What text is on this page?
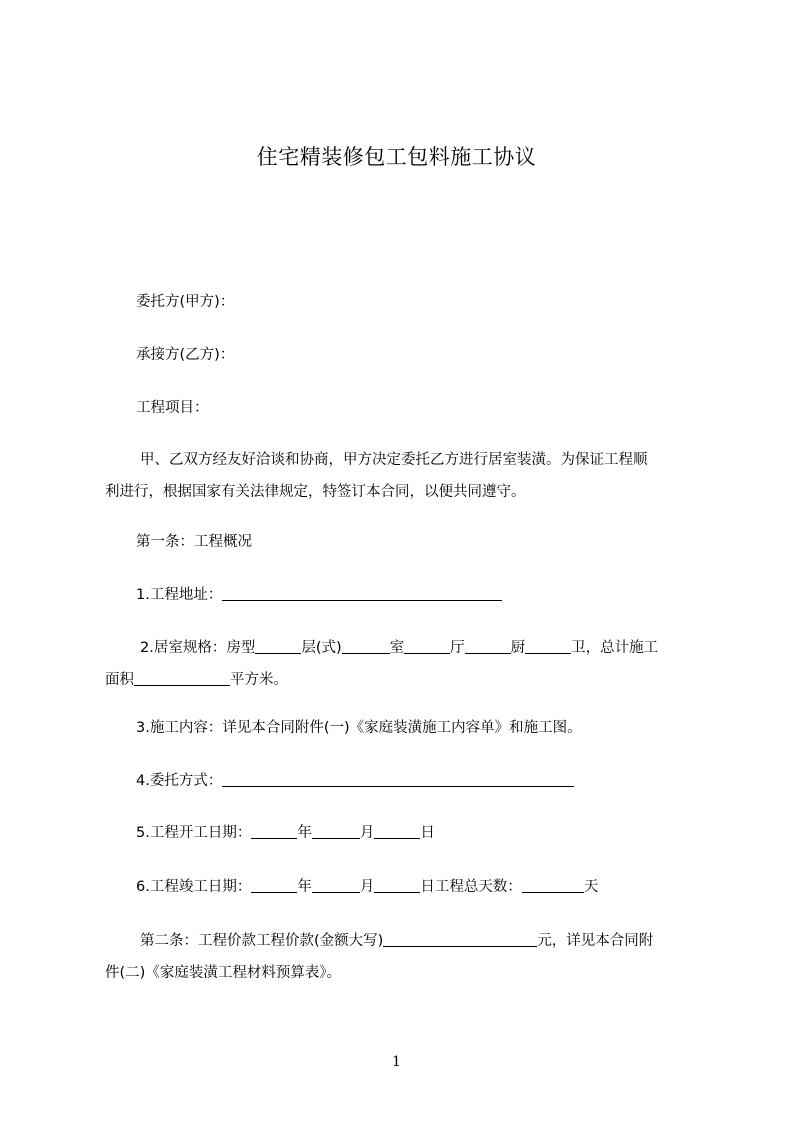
住宅精装修包工包料施工协议
委托方(甲方)：
承接方(乙方)：
工程项目：
甲、乙双方经友好洽谈和协商，甲方决定委托乙方进行居室装潢。为保证工程顺
利进行，根据国家有关法律规定，特签订本合同，以便共同遵守。
第一条：工程概况
1.工程地址：
2.居室规格：房型	层(式)	室	厅	厨	卫，总计施工
面积	平方米。
3.施工内容：详见本合同附件(一)《家庭装潢施工内容单》和施工图。
4.委托方式：
5.工程开工日期：	年	月	日
6.工程竣工日期：	年	月	日工程总天数：	天
第二条：工程价款工程价款(金额大写)	元，详见本合同附
件(二)《家庭装潢工程材料预算表》。
1
